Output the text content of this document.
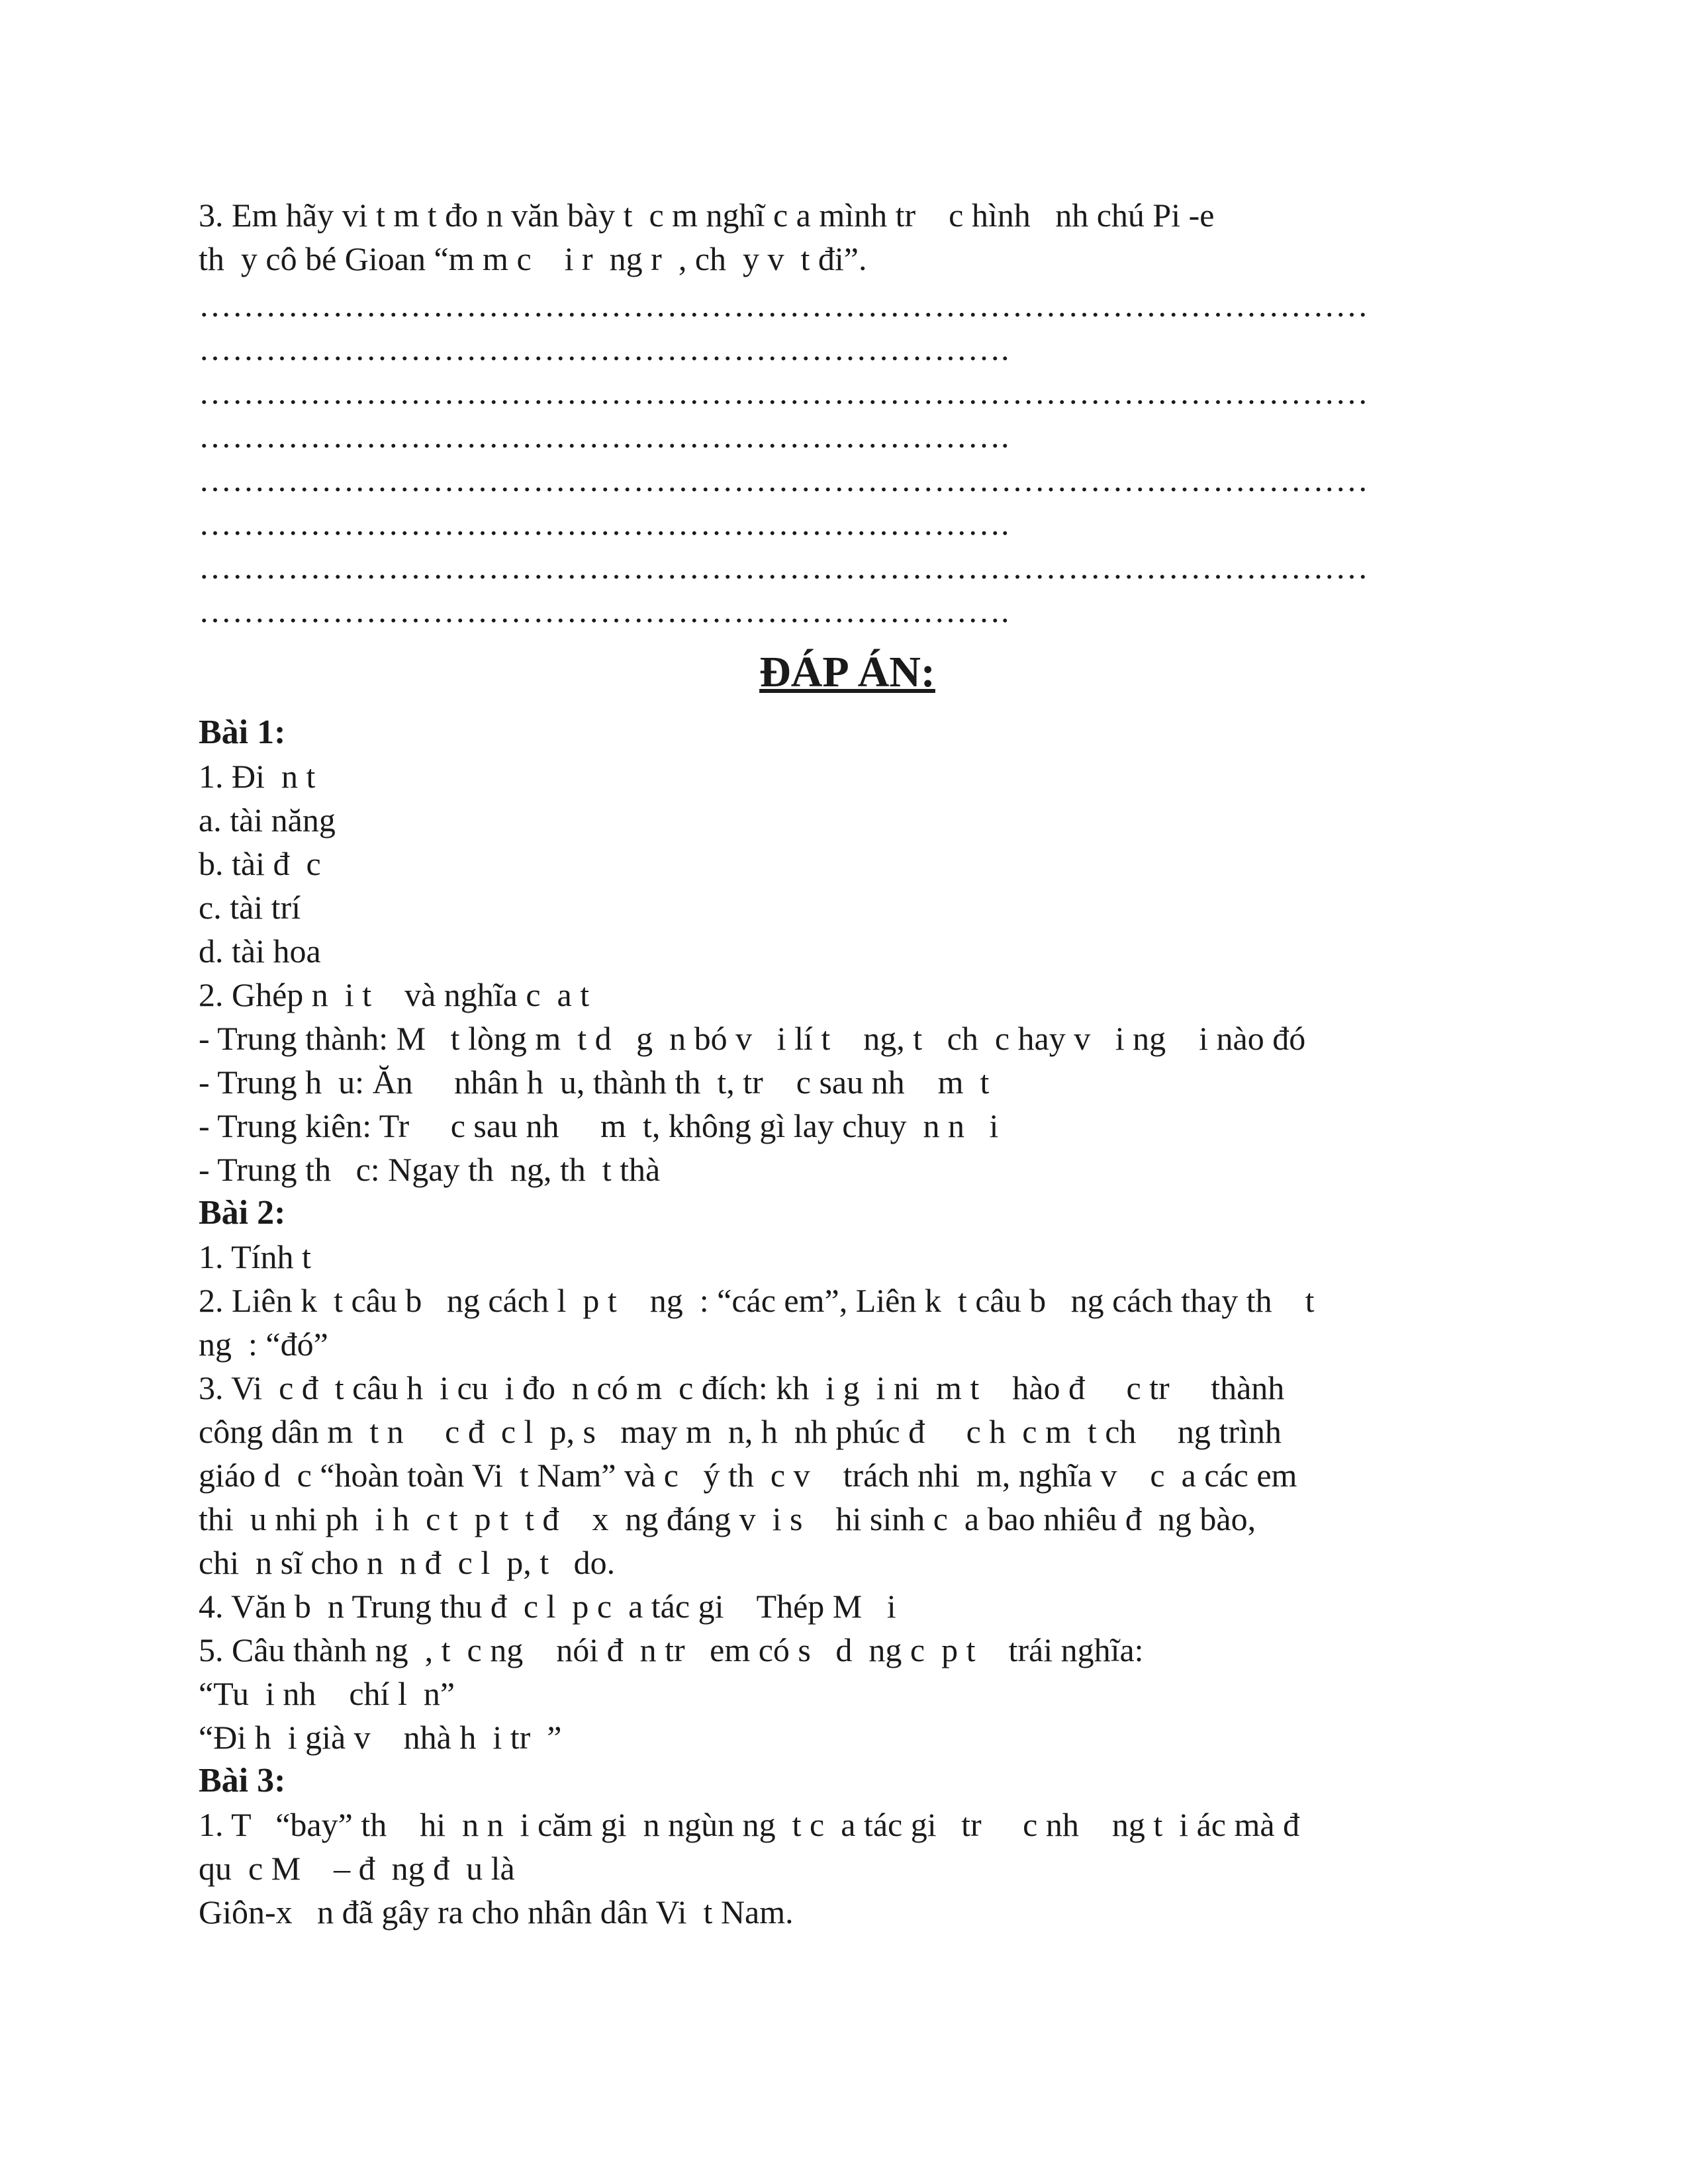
3. Em hãy vi t m t đo n văn bày t  c m nghĩ c a mình tr    c hình   nh chú Pi -e
th  y cô bé Gioan “m m c    i r  ng r  , ch  y v  t đi”.
……………………………………………………………………………………………
……………………………………………………………….
……………………………………………………………………………………………
……………………………………………………………….
……………………………………………………………………………………………
……………………………………………………………….
……………………………………………………………………………………………
……………………………………………………………….
ĐÁP ÁN:
Bài 1:
1. Đi  n t
a. tài năng
b. tài đ  c
c. tài trí
d. tài hoa
2. Ghép n  i t    và nghĩa c  a t
- Trung thành: M   t lòng m  t d   g  n bó v   i lí t    ng, t   ch  c hay v   i ng    i nào đó
- Trung h  u: Ăn     nhân h  u, thành th  t, tr    c sau nh    m  t
- Trung kiên: Tr     c sau nh     m  t, không gì lay chuy  n n   i
- Trung th   c: Ngay th  ng, th  t thà
Bài 2:
1. Tính t
2. Liên k  t câu b   ng cách l  p t    ng  : “các em”, Liên k  t câu b   ng cách thay th    t
ng  : “đó”
3. Vi  c đ  t câu h  i cu  i đo  n có m  c đích: kh  i g  i ni  m t    hào đ     c tr     thành
công dân m  t n     c đ  c l  p, s   may m  n, h  nh phúc đ     c h  c m  t ch     ng trình
giáo d  c “hoàn toàn Vi  t Nam” và c   ý th  c v    trách nhi  m, nghĩa v    c  a các em
thi  u nhi ph  i h  c t  p t  t đ    x  ng đáng v  i s    hi sinh c  a bao nhiêu đ  ng bào,
chi  n sĩ cho n  n đ  c l  p, t   do.
4. Văn b  n Trung thu đ  c l  p c  a tác gi    Thép M   i
5. Câu thành ng  , t  c ng    nói đ  n tr   em có s   d  ng c  p t    trái nghĩa:
“Tu  i nh    chí l  n”
“Đi h  i già v    nhà h  i tr  ”
Bài 3:
1. T   “bay” th    hi  n n  i căm gi  n ngùn ng  t c  a tác gi   tr     c nh    ng t  i ác mà đ
qu  c M    – đ  ng đ  u là
Giôn-x   n đã gây ra cho nhân dân Vi  t Nam.
